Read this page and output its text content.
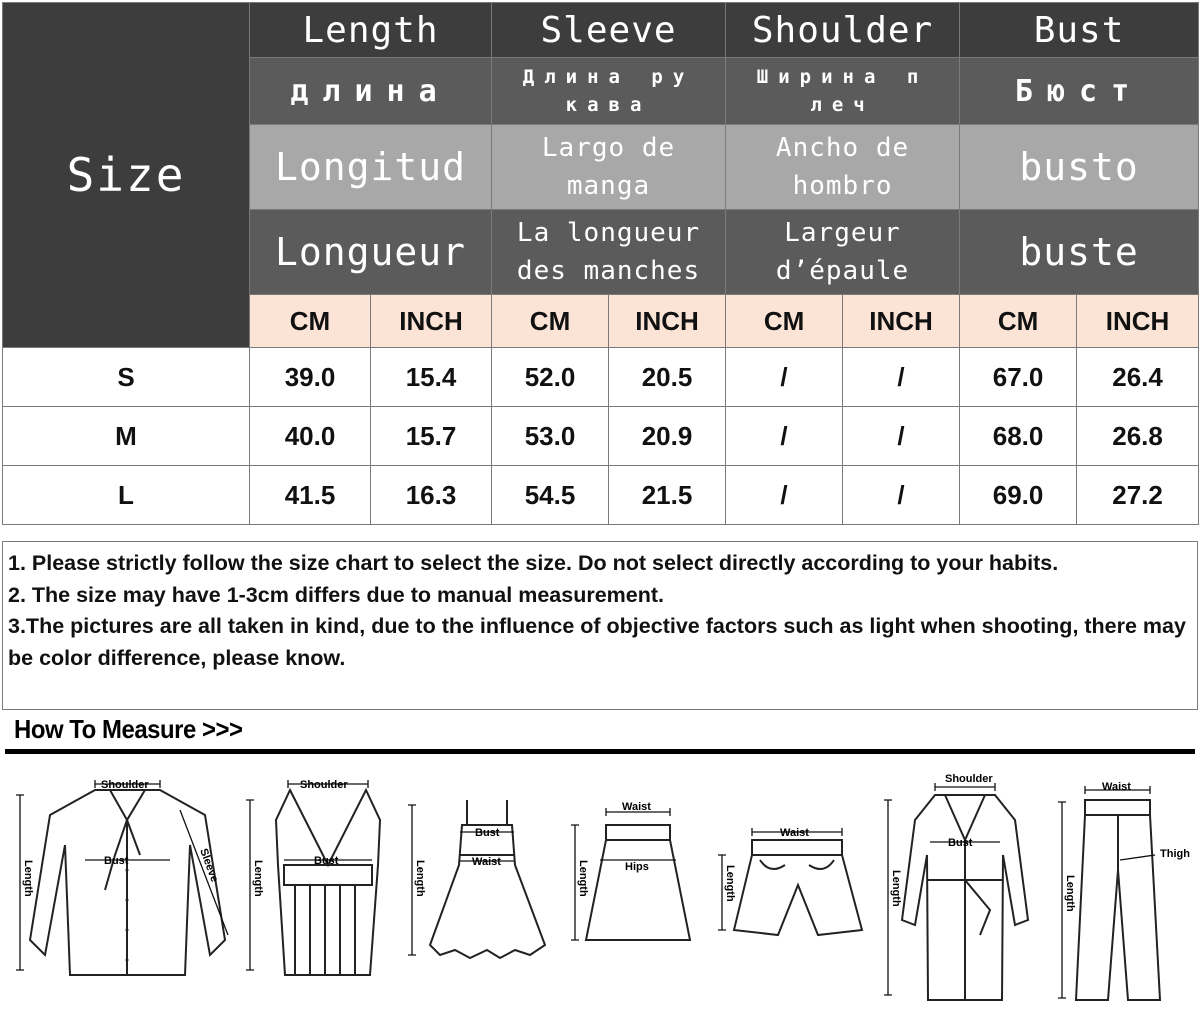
Size	Length		Sleeve		Shoulder		Bust	
	длина		Длина ру кава		Ширина п леч		Бюст	
	Longitud		Largo de manga		Ancho de hombro		busto	
	Longueur		La longueur des manches		Largeur d’épaule		buste	
	CM	INCH	CM	INCH	CM	INCH	CM	INCH
S	39.0	15.4	52.0	20.5	/	/	67.0	26.4
M	40.0	15.7	53.0	20.9	/	/	68.0	26.8
L	41.5	16.3	54.5	21.5	/	/	69.0	27.2

1. Please strictly follow the size chart to select the size. Do not select directly according to your habits.

2. The size may have 1-3cm differs due to manual measurement.

3.The pictures are all taken in kind, due to the influence of objective factors such as light when shooting, there may be color difference, please know.

How To Measure >>>
Shoulder
Bust
Length	Sleeve
Shoulder
Bust
Length
Bust
Waist
Length
Waist
Hips
Length
Waist
Length
Shoulder
Bust
Length
Waist
Thigh
Length
